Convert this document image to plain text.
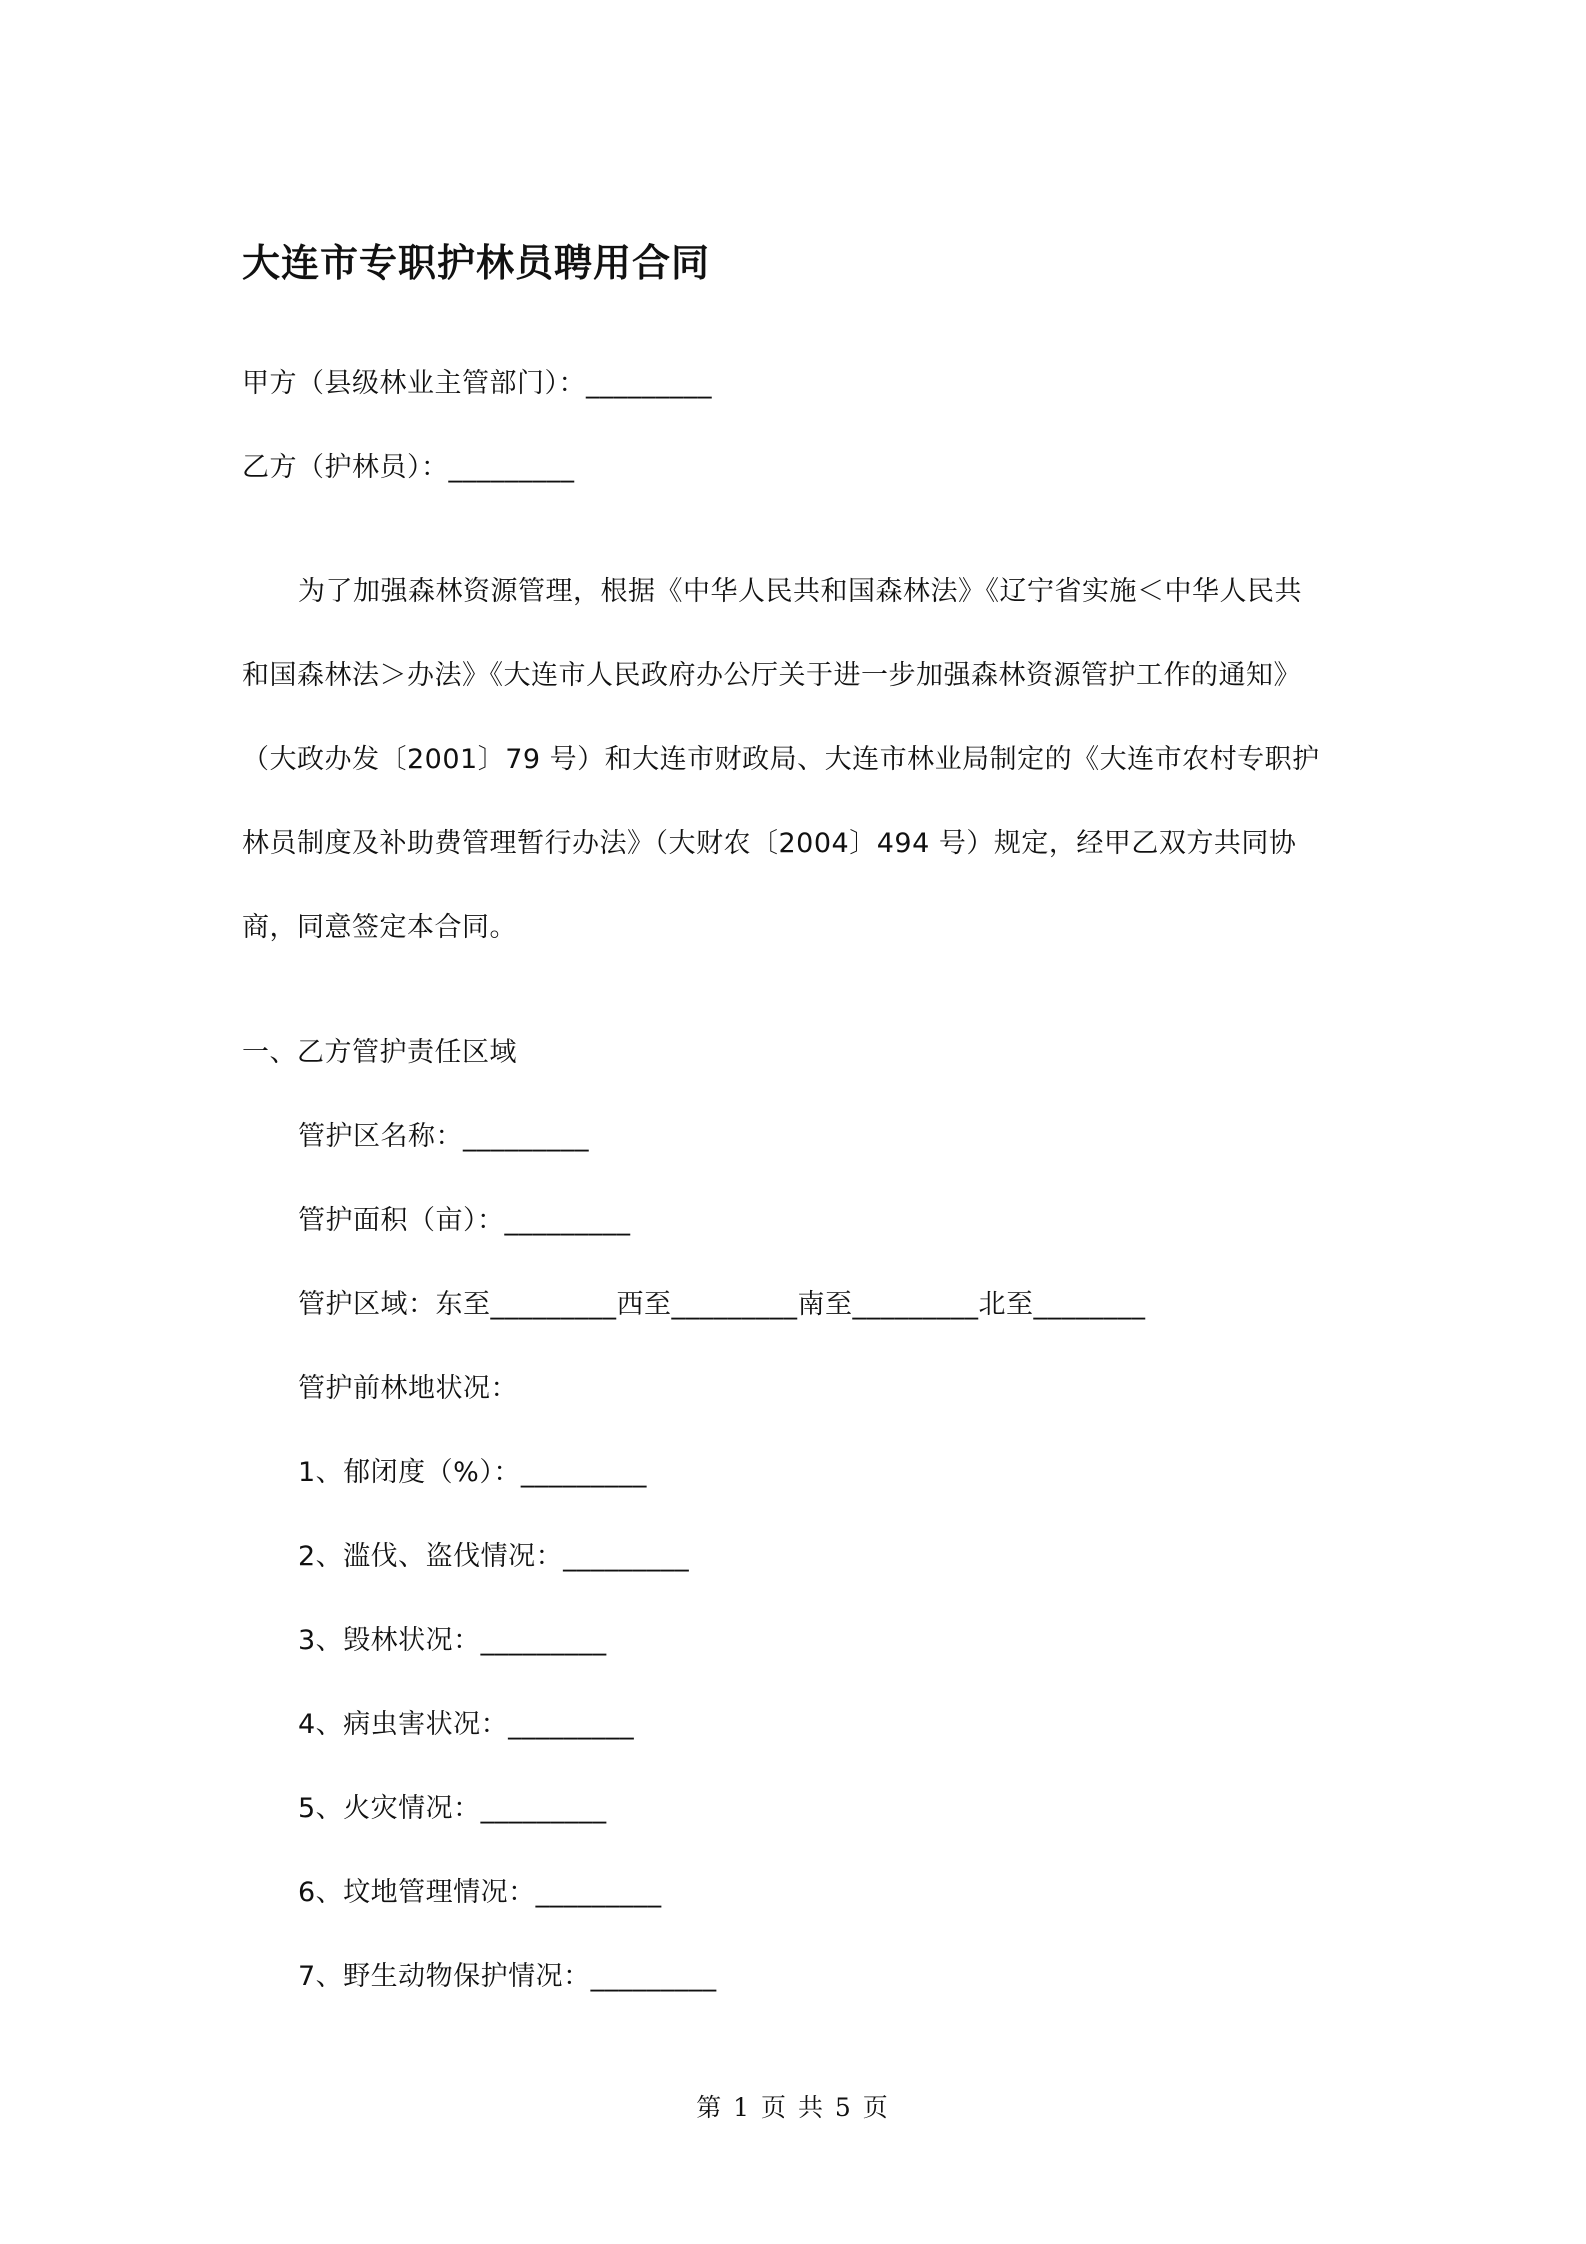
大连市专职护林员聘用合同
甲方（县级林业主管部门）：_________
乙方（护林员）：_________
为了加强森林资源管理，根据《中华人民共和国森林法》《辽宁省实施＜中华人民共
和国森林法＞办法》《大连市人民政府办公厅关于进一步加强森林资源管护工作的通知》
（大政办发〔2001〕79 号）和大连市财政局、大连市林业局制定的《大连市农村专职护
林员制度及补助费管理暂行办法》（大财农〔2004〕494 号）规定，经甲乙双方共同协
商，同意签定本合同。
一、乙方管护责任区域
管护区名称：_________
管护面积（亩）：_________
管护区域：东至_________西至_________南至_________北至________
管护前林地状况：
1、郁闭度（%）：_________
2、滥伐、盗伐情况：_________
3、毁林状况：_________
4、病虫害状况：_________
5、火灾情况：_________
6、坟地管理情况：_________
7、野生动物保护情况：_________
第 1 页 共 5 页
